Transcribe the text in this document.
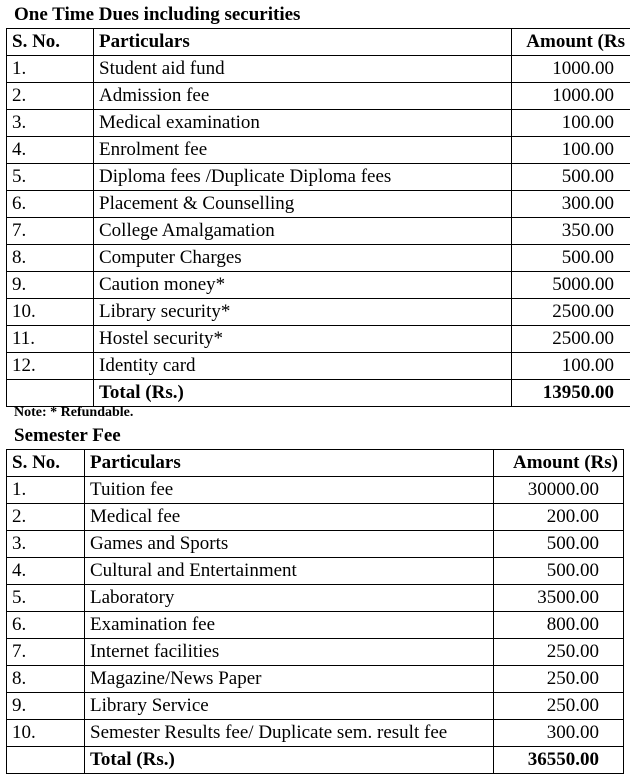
One Time Dues including securities
S. No.	Particulars	Amount (Rs
1.	Student aid fund	1000.00
2.	Admission fee	1000.00
3.	Medical examination	100.00
4.	Enrolment fee	100.00
5.	Diploma fees /Duplicate Diploma fees	500.00
6.	Placement & Counselling	300.00
7.	College Amalgamation	350.00
8.	Computer Charges	500.00
9.	Caution money*	5000.00
10.	Library security*	2500.00
11.	Hostel security*	2500.00
12.	Identity card	100.00
	Total (Rs.)	13950.00
Note: * Refundable.
Semester Fee
S. No.	Particulars	Amount (Rs)
1.	Tuition fee	30000.00
2.	Medical fee	200.00
3.	Games and Sports	500.00
4.	Cultural and Entertainment	500.00
5.	Laboratory	3500.00
6.	Examination fee	800.00
7.	Internet facilities	250.00
8.	Magazine/News Paper	250.00
9.	Library Service	250.00
10.	Semester Results fee/ Duplicate sem. result fee	300.00
	Total (Rs.)	36550.00
